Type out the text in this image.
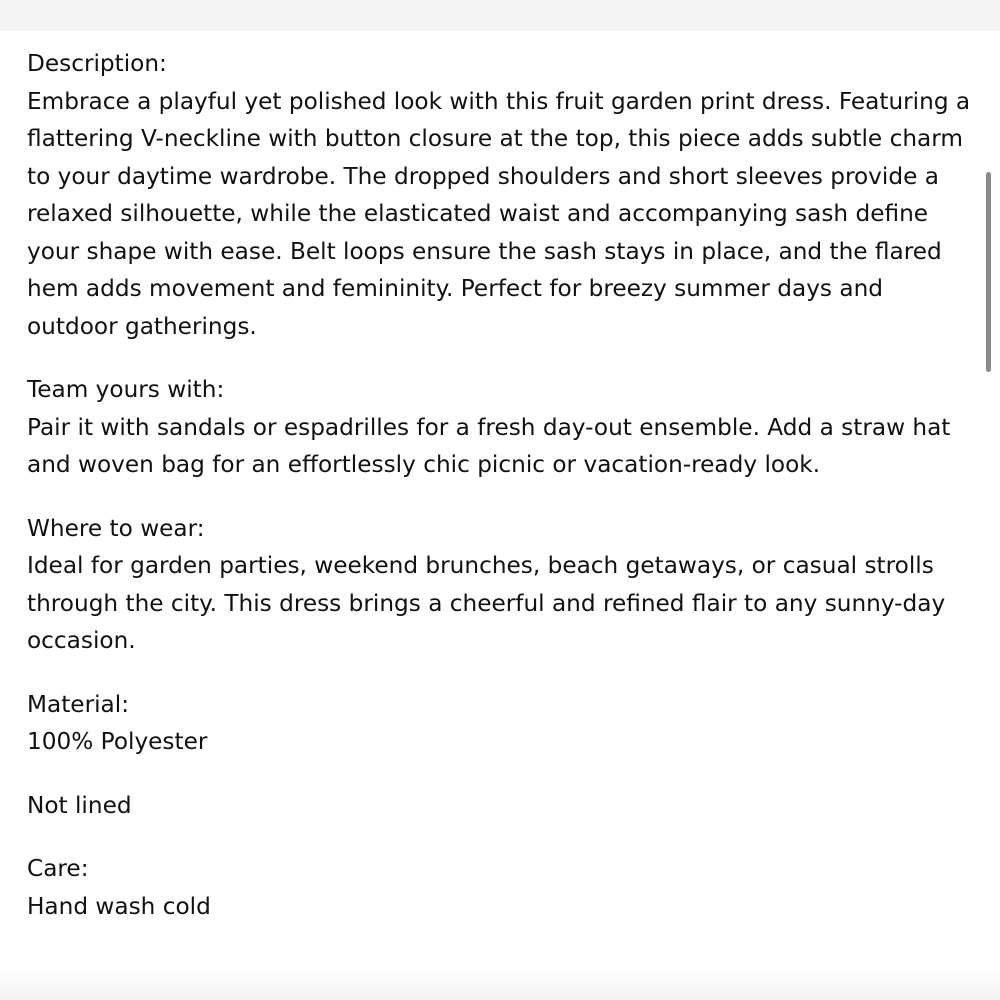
Description:

Embrace a playful yet polished look with this fruit garden print dress. Featuring a flattering V-neckline with button closure at the top, this piece adds subtle charm to your daytime wardrobe. The dropped shoulders and short sleeves provide a relaxed silhouette, while the elasticated waist and accompanying sash define your shape with ease. Belt loops ensure the sash stays in place, and the flared hem adds movement and femininity. Perfect for breezy summer days and outdoor gatherings.

Team yours with:

Pair it with sandals or espadrilles for a fresh day-out ensemble. Add a straw hat and woven bag for an effortlessly chic picnic or vacation-ready look.

Where to wear:

Ideal for garden parties, weekend brunches, beach getaways, or casual strolls through the city. This dress brings a cheerful and refined flair to any sunny-day occasion.

Material:

100% Polyester

Not lined

Care:

Hand wash cold
